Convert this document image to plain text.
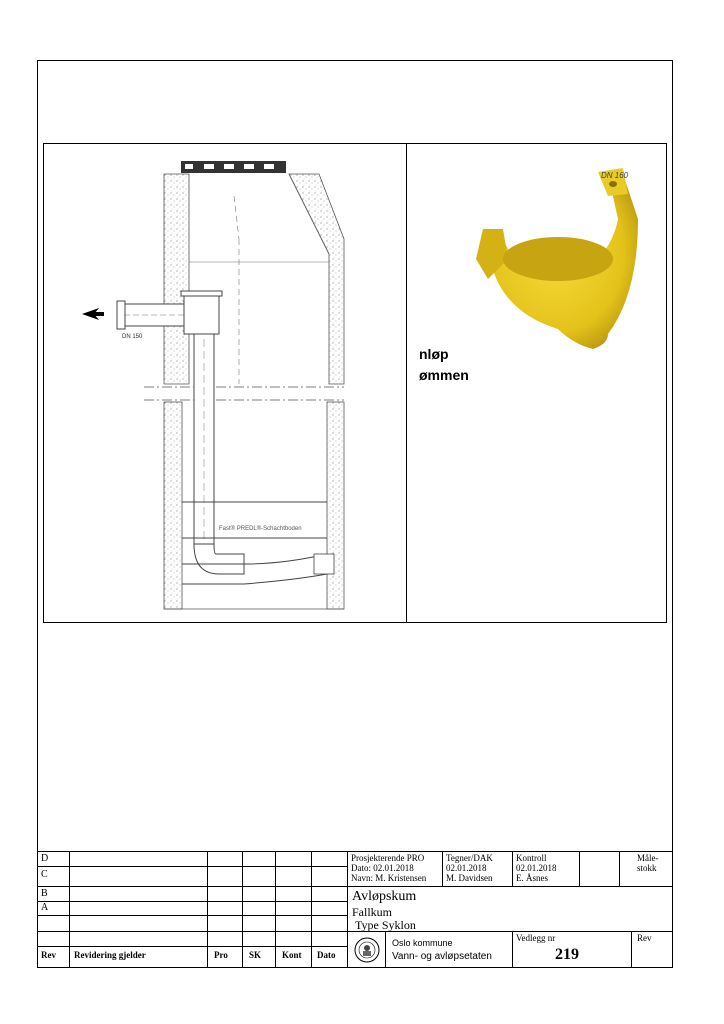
DN 150
Fast® PREDL®-Schachtboden
DN 160
nløp
ømmen
D
C
B
A
Rev Revidering gjelder	Pro SK Kont Dato
Prosjekterende PRO
Dato: 02.01.2018
Navn: M. Kristensen
Tegner/DAK
02.01.2018
M. Davidsen
Kontroll
02.01.2018
E. Åsnes
Måle-
stokk
Avløpskum
Fallkum
Type Syklon
Oslo kommune
Vann- og avløpsetaten
Vedlegg nr
219
Rev
